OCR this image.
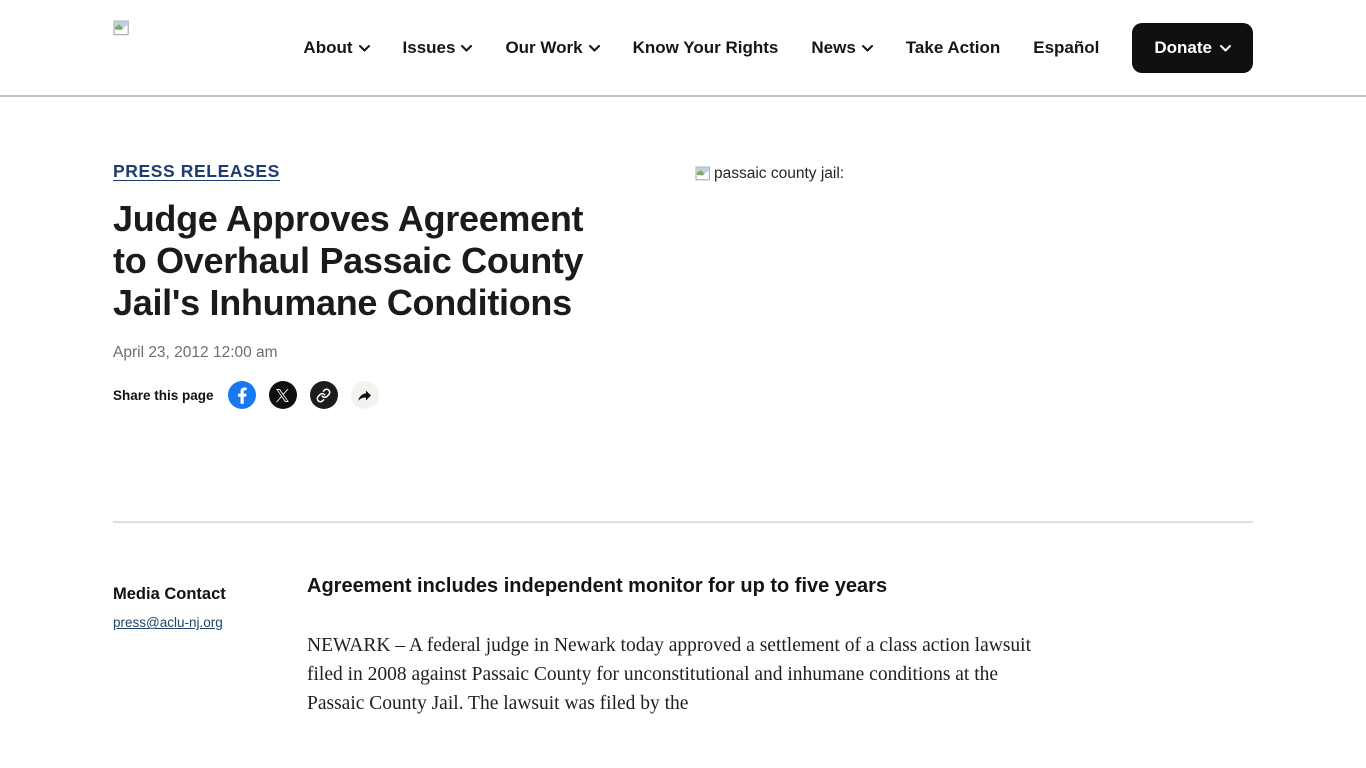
About	Issues	Our Work	Know Your Rights News	Take Action Español	Donate
PRESS RELEASES
Judge Approves Agreement to Overhaul Passaic County Jail's Inhumane Conditions
April 23, 2012 12:00 am
Share this page
passaic county jail:
Media Contact
press@aclu-nj.org
Agreement includes independent monitor for up to five years

NEWARK – A federal judge in Newark today approved a settlement of a class action lawsuit filed in 2008 against Passaic County for unconstitutional and inhumane conditions at the Passaic County Jail. The lawsuit was filed by the
